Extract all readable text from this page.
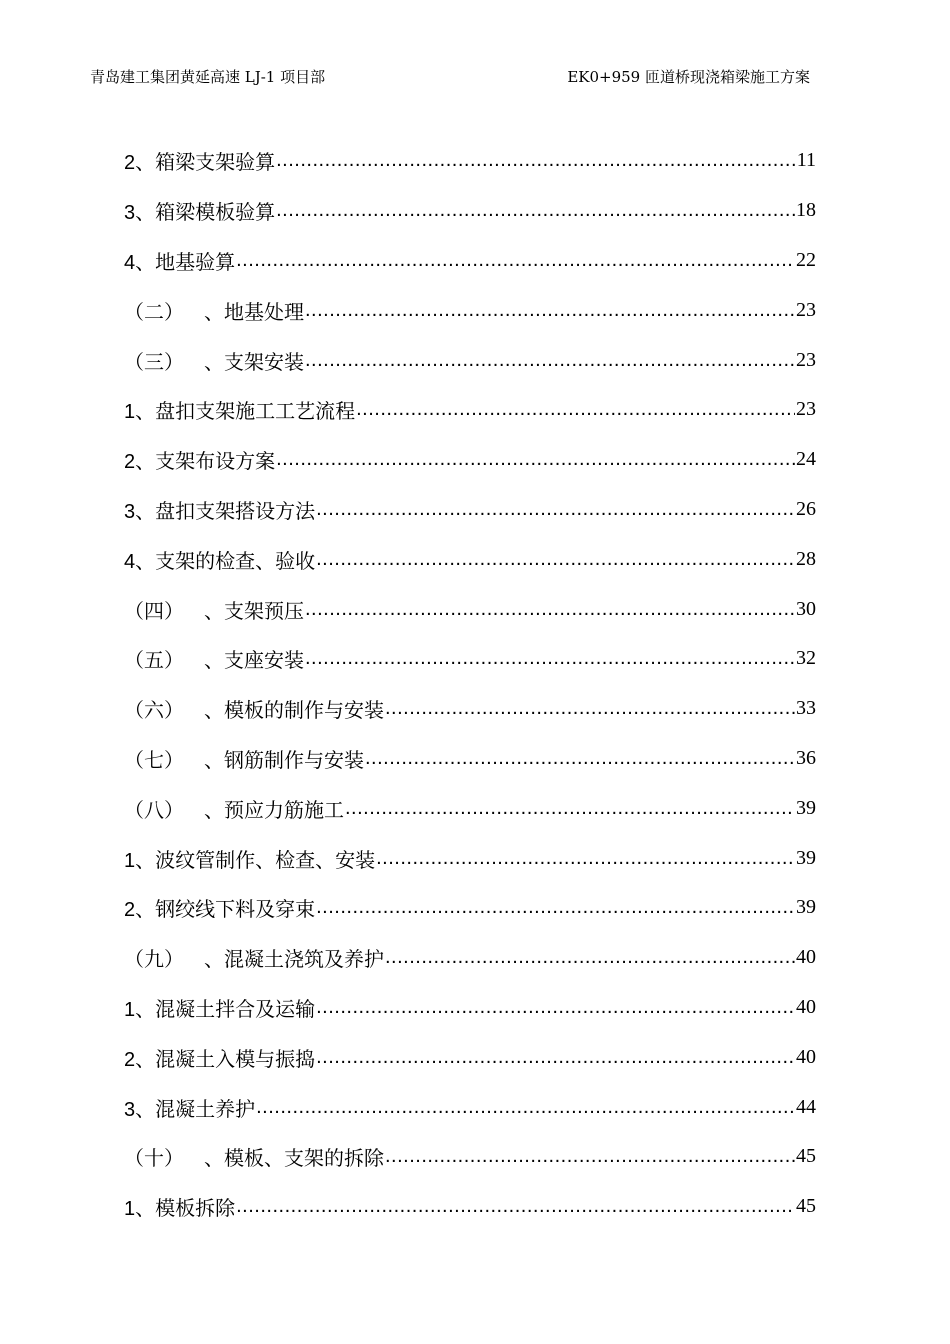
青岛建工集团黄延高速 LJ-1 项目部	EK0+959 匝道桥现浇箱梁施工方案
2、 箱梁支架验算 .....	11
3、 箱梁模板验算 .....	18
4、 地基验算 .....	22
（二） 、地基处理 .....	23
（三） 、支架安装 .....	23
1、 盘扣支架施工工艺流程 .....	23
2、 支架布设方案 .....	24
3、 盘扣支架搭设方法 .....	26
4、 支架的检查、验收 .....	28
（四） 、支架预压 .....	30
（五） 、支座安装 .....	32
（六） 、模板的制作与安装 .....	33
（七） 、钢筋制作与安装 .....	36
（八） 、预应力筋施工 .....	39
1、 波纹管制作、检查、安装 .....	39
2、 钢绞线下料及穿束 .....	39
（九） 、混凝土浇筑及养护 .....	40
1、 混凝土拌合及运输 .....	40
2、 混凝土入模与振捣 .....	40
3、 混凝土养护 .....	44
（十） 、模板、支架的拆除 .....	45
1、 模板拆除 .....	45
